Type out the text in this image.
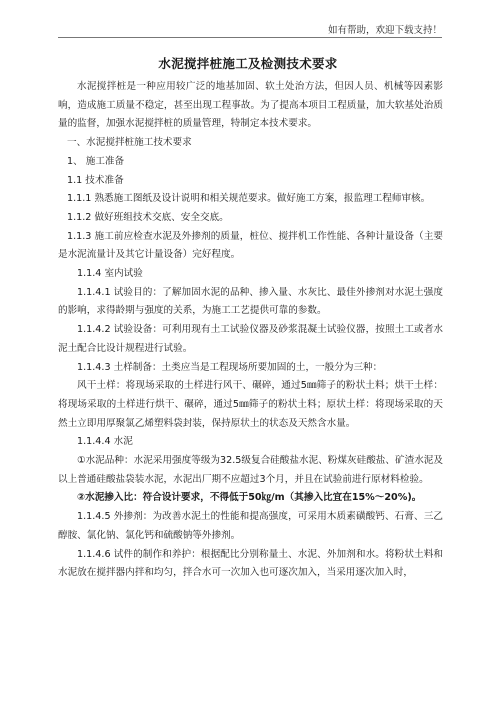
如有帮助，欢迎下载支持！
水泥搅拌桩施工及检测技术要求

水泥搅拌桩是一种应用较广泛的地基加固、软土处治方法，但因人员、机械等因素影响，造成施工质量不稳定，甚至出现工程事故。为了提高本项目工程质量，加大软基处治质量的监督，加强水泥搅拌桩的质量管理，特制定本技术要求。

一、水泥搅拌桩施工技术要求

1、 施工准备

1.1 技术准备

1.1.1 熟悉施工图纸及设计说明和相关规范要求。做好施工方案，报监理工程师审核。

1.1.2 做好班组技术交底、安全交底。

1.1.3 施工前应检查水泥及外掺剂的质量，桩位、搅拌机工作性能、各种计量设备（主要是水泥流量计及其它计量设备）完好程度。

1.1.4 室内试验

1.1.4.1 试验目的：了解加固水泥的品种、掺入量、水灰比、最佳外掺剂对水泥土强度的影响，求得龄期与强度的关系，为施工工艺提供可靠的参数。

1.1.4.2 试验设备：可利用现有土工试验仪器及砂浆混凝土试验仪器，按照土工或者水泥土配合比设计规程进行试验。

1.1.4.3 土样制备：土类应当是工程现场所要加固的土，一般分为三种：

风干土样：将现场采取的土样进行风干、碾碎，通过5㎜筛子的粉状土料；烘干土样：将现场采取的土样进行烘干、碾碎，通过5㎜筛子的粉状土料；原状土样：将现场采取的天然土立即用厚聚氯乙烯塑料袋封装，保持原状土的状态及天然含水量。

1.1.4.4 水泥

①水泥品种：水泥采用强度等级为32.5级复合硅酸盐水泥、粉煤灰硅酸盐、矿渣水泥及以上普通硅酸盐袋装水泥，水泥出厂期不应超过3个月，并且在试验前进行原材料检验。

②水泥掺入比：符合设计要求，不得低于50㎏/m（其掺入比宜在15%～20%)。

1.1.4.5 外掺剂：为改善水泥土的性能和提高强度，可采用木质素磺酸钙、石膏、三乙醇胺、氯化钠、氯化钙和硫酸钠等外掺剂。

1.1.4.6 试件的制作和养护：根据配比分别称量土、水泥、外加剂和水。将粉状土料和水泥放在搅拌器内拌和均匀，拌合水可一次加入也可逐次加入，当采用逐次加入时，
